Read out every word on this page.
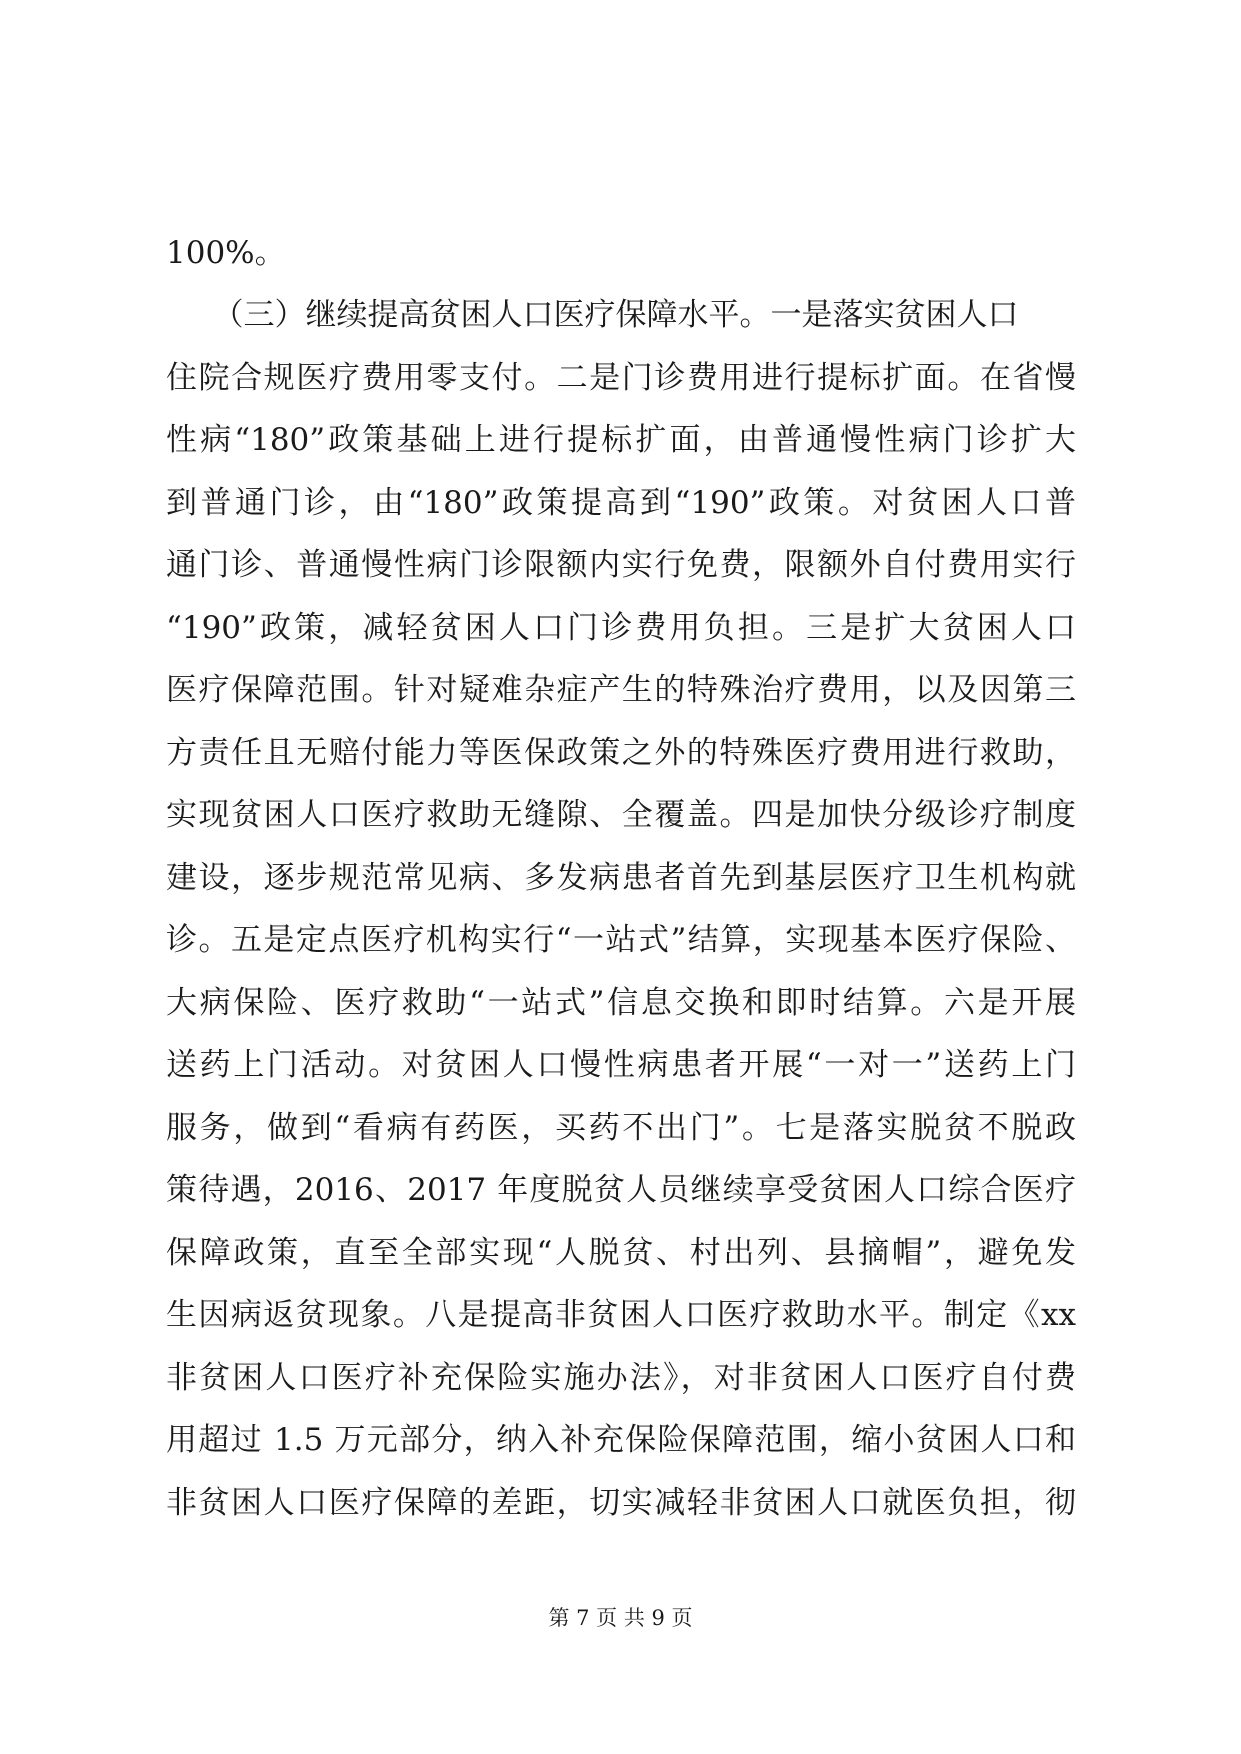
100%。
　　（三）继续提高贫困人口医疗保障水平。一是落实贫困人口
住院合规医疗费用零支付。二是门诊费用进行提标扩面。在省慢
性病“180”政策基础上进行提标扩面，由普通慢性病门诊扩大
到普通门诊，由“180”政策提高到“190”政策。对贫困人口普
通门诊、普通慢性病门诊限额内实行免费，限额外自付费用实行
“190”政策，减轻贫困人口门诊费用负担。三是扩大贫困人口
医疗保障范围。针对疑难杂症产生的特殊治疗费用，以及因第三
方责任且无赔付能力等医保政策之外的特殊医疗费用进行救助，
实现贫困人口医疗救助无缝隙、全覆盖。四是加快分级诊疗制度
建设，逐步规范常见病、多发病患者首先到基层医疗卫生机构就
诊。五是定点医疗机构实行“一站式”结算，实现基本医疗保险、
大病保险、医疗救助“一站式”信息交换和即时结算。六是开展
送药上门活动。对贫困人口慢性病患者开展“一对一”送药上门
服务，做到“看病有药医，买药不出门”。七是落实脱贫不脱政
策待遇，2016、2017 年度脱贫人员继续享受贫困人口综合医疗
保障政策，直至全部实现“人脱贫、村出列、县摘帽”，避免发
生因病返贫现象。八是提高非贫困人口医疗救助水平。制定《xx
非贫困人口医疗补充保险实施办法》，对非贫困人口医疗自付费
用超过 1.5 万元部分，纳入补充保险保障范围，缩小贫困人口和
非贫困人口医疗保障的差距，切实减轻非贫困人口就医负担，彻
第 7 页 共 9 页
